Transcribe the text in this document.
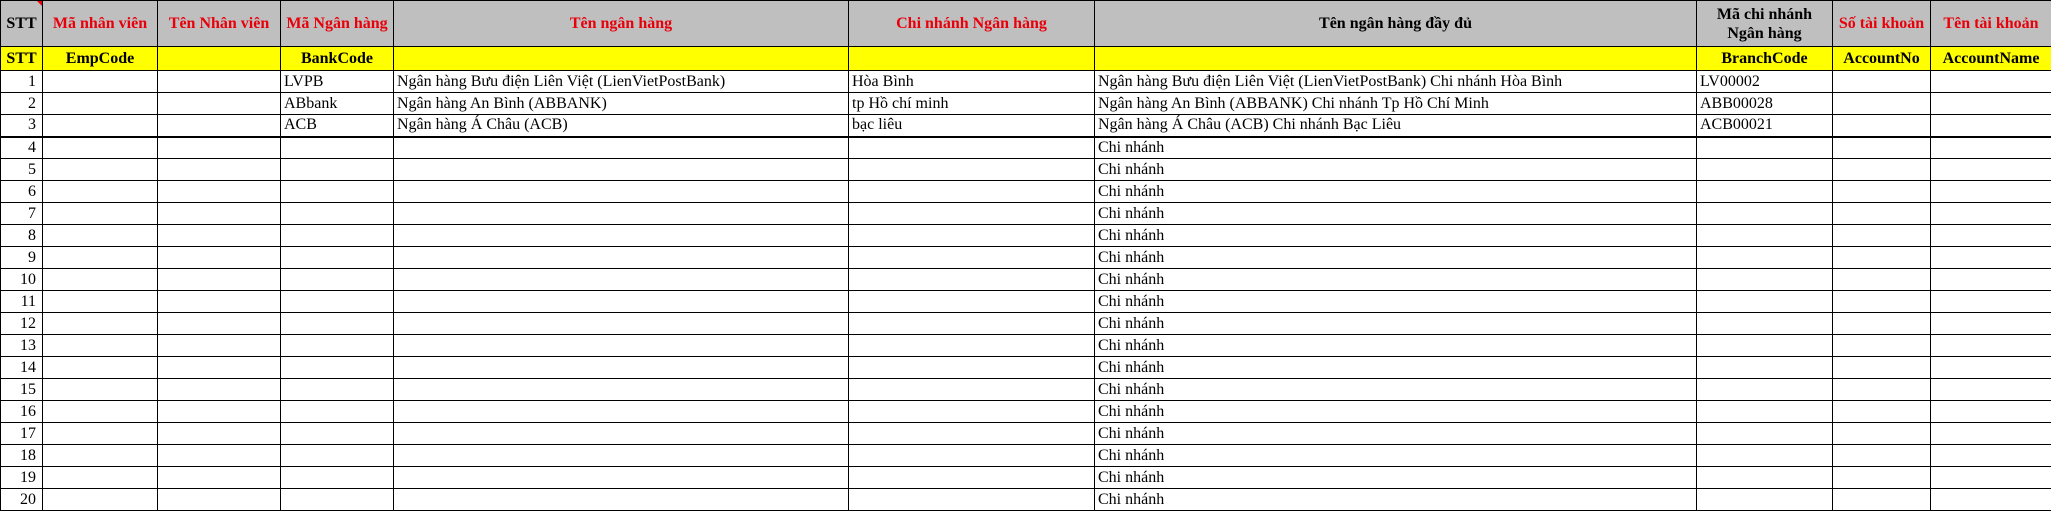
STT	Mã nhân viên	Tên Nhân viên	Mã Ngân hàng	Tên ngân hàng	Chi nhánh Ngân hàng	Tên ngân hàng đầy đủ	Mã chi nhánh Ngân hàng	Số tài khoản	Tên tài khoản
STT	EmpCode		BankCode				BranchCode	AccountNo	AccountName
1			LVPB	Ngân hàng Bưu điện Liên Việt (LienVietPostBank)	Hòa Bình	Ngân hàng Bưu điện Liên Việt (LienVietPostBank) Chi nhánh Hòa Bình	LV00002		
2			ABbank	Ngân hàng An Bình (ABBANK)	tp Hồ chí minh	Ngân hàng An Bình (ABBANK) Chi nhánh Tp Hồ Chí Minh	ABB00028		
3			ACB	Ngân hàng Á Châu (ACB)	bạc liêu	Ngân hàng Á Châu (ACB) Chi nhánh Bạc Liêu	ACB00021		
4						Chi nhánh			
5						Chi nhánh			
6						Chi nhánh			
7						Chi nhánh			
8						Chi nhánh			
9						Chi nhánh			
10						Chi nhánh			
11						Chi nhánh			
12						Chi nhánh			
13						Chi nhánh			
14						Chi nhánh			
15						Chi nhánh			
16						Chi nhánh			
17						Chi nhánh			
18						Chi nhánh			
19						Chi nhánh			
20						Chi nhánh			
